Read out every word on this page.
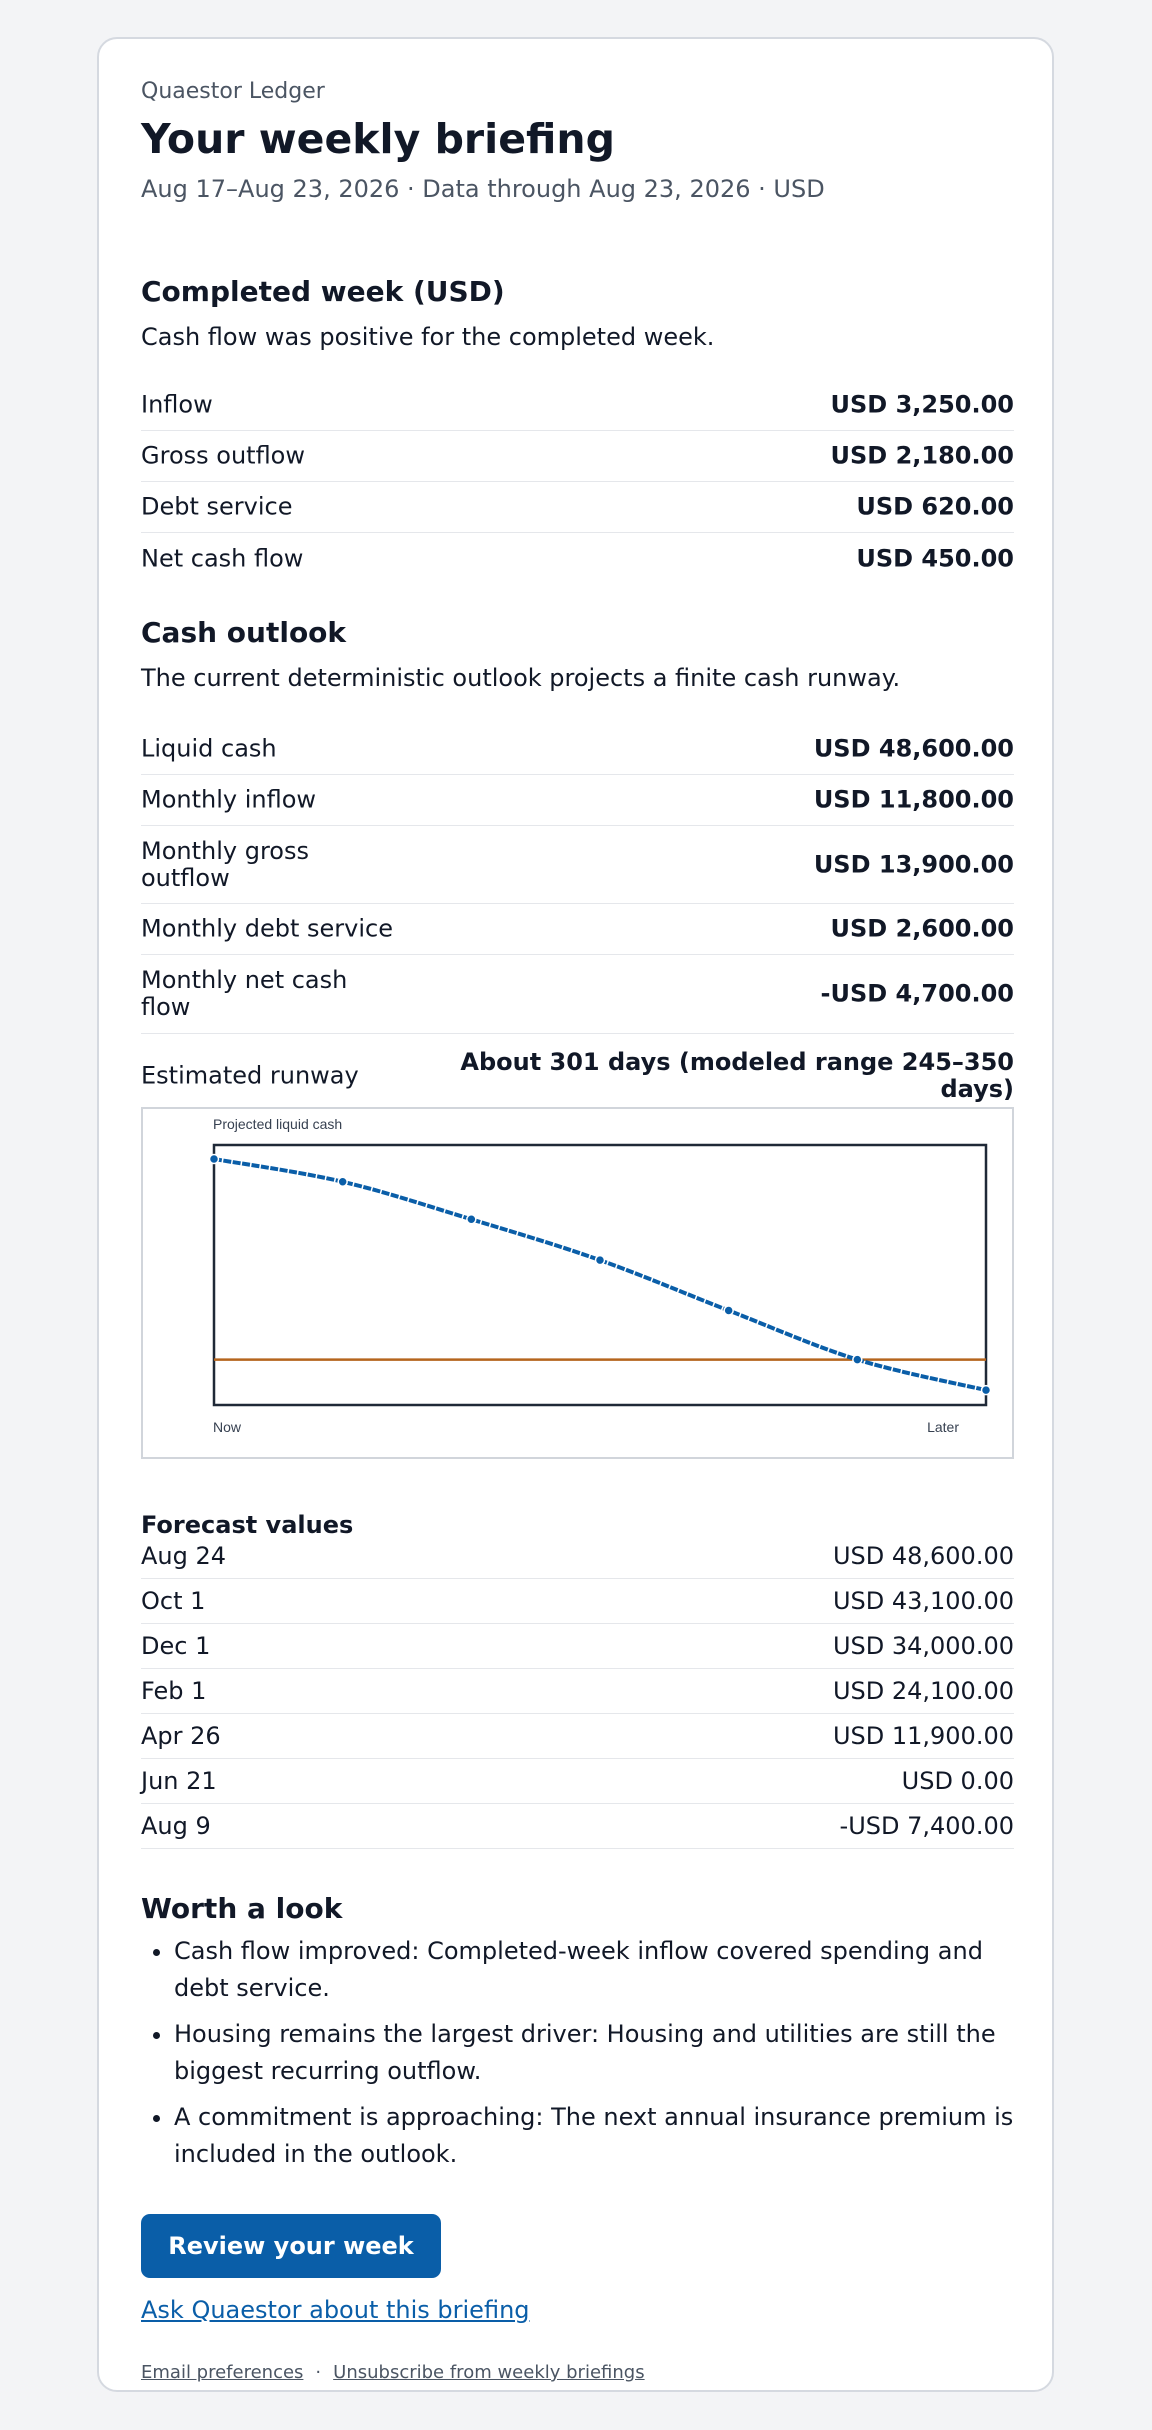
Quaestor Ledger
Your weekly briefing
Aug 17–Aug 23, 2026 · Data through Aug 23, 2026 · USD
Completed week (USD)

Cash flow was positive for the completed week.

Inflow	USD 3,250.00
Gross outflow	USD 2,180.00
Debt service	USD 620.00
Net cash flow	USD 450.00
Cash outlook

The current deterministic outlook projects a finite cash runway.

Liquid cash	USD 48,600.00
Monthly inflow	USD 11,800.00
Monthly gross outflow	USD 13,900.00
Monthly debt service	USD 2,600.00
Monthly net cash flow	-USD 4,700.00
Estimated runway	About 301 days (modeled range 245–350 days)
Projected liquid cash
Now	Later
Forecast values
Aug 24	USD 48,600.00
Oct 1	USD 43,100.00
Dec 1	USD 34,000.00
Feb 1	USD 24,100.00
Apr 26	USD 11,900.00
Jun 21	USD 0.00
Aug 9	-USD 7,400.00
Worth a look
• Cash flow improved: Completed-week inflow covered spending and debt service.
• Housing remains the largest driver: Housing and utilities are still the biggest recurring outflow.
• A commitment is approaching: The next annual insurance premium is included in the outlook.
Review your week
Ask Quaestor about this briefing
Email preferences · Unsubscribe from weekly briefings
